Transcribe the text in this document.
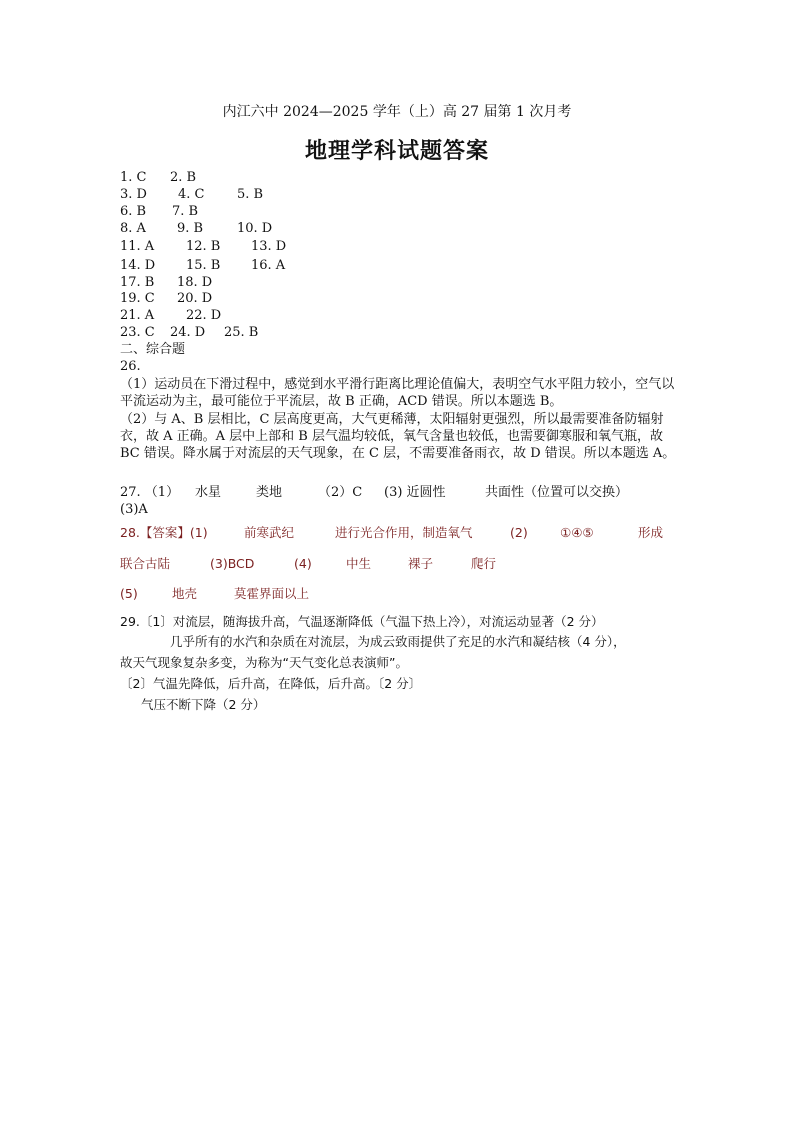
内江六中 2024—2025 学年（上）高 27 届第 1 次月考
地理学科试题答案
1. C 2. B
3. D 4. C	5. B
6. B 7. B
8. A 9. B	10. D
11. A 12. B 13. D
14. D 15. B 16. A
17. B 18. D
19. C 20. D
21. A 22. D
23. C 24. D 25. B
二、综合题
26.
（1）运动员在下滑过程中，感觉到水平滑行距离比理论值偏大，表明空气水平阻力较小，空气以平流运动为主，最可能位于平流层，故 B 正确，ACD 错误。所以本题选 B。
（2）与 A、B 层相比，C 层高度更高，大气更稀薄，太阳辐射更强烈，所以最需要准备防辐射衣，故 A 正确。A 层中上部和 B 层气温均较低，氧气含量也较低，也需要御寒服和氧气瓶，故 BC 错误。降水属于对流层的天气现象，在 C 层，不需要准备雨衣，故 D 错误。所以本题选 A。
27. （1） 水星	类地	（2）C (3) 近圆性	共面性（位置可以交换）
(3)A
28.【答案】(1)	前寒武纪	进行光合作用，制造氧气	(2)	①④⑤	形成
联合古陆	(3)BCD	(4)	中生	裸子	爬行
(5)	地壳	莫霍界面以上
29.〔1〕对流层，随海拔升高，气温逐渐降低（气温下热上冷），对流运动显著（2 分）
几乎所有的水汽和杂质在对流层，为成云致雨提供了充足的水汽和凝结核（4 分），
故天气现象复杂多变，为称为“天气变化总表演师”。
〔2〕气温先降低，后升高，在降低，后升高。〔2 分〕
气压不断下降（2 分）
